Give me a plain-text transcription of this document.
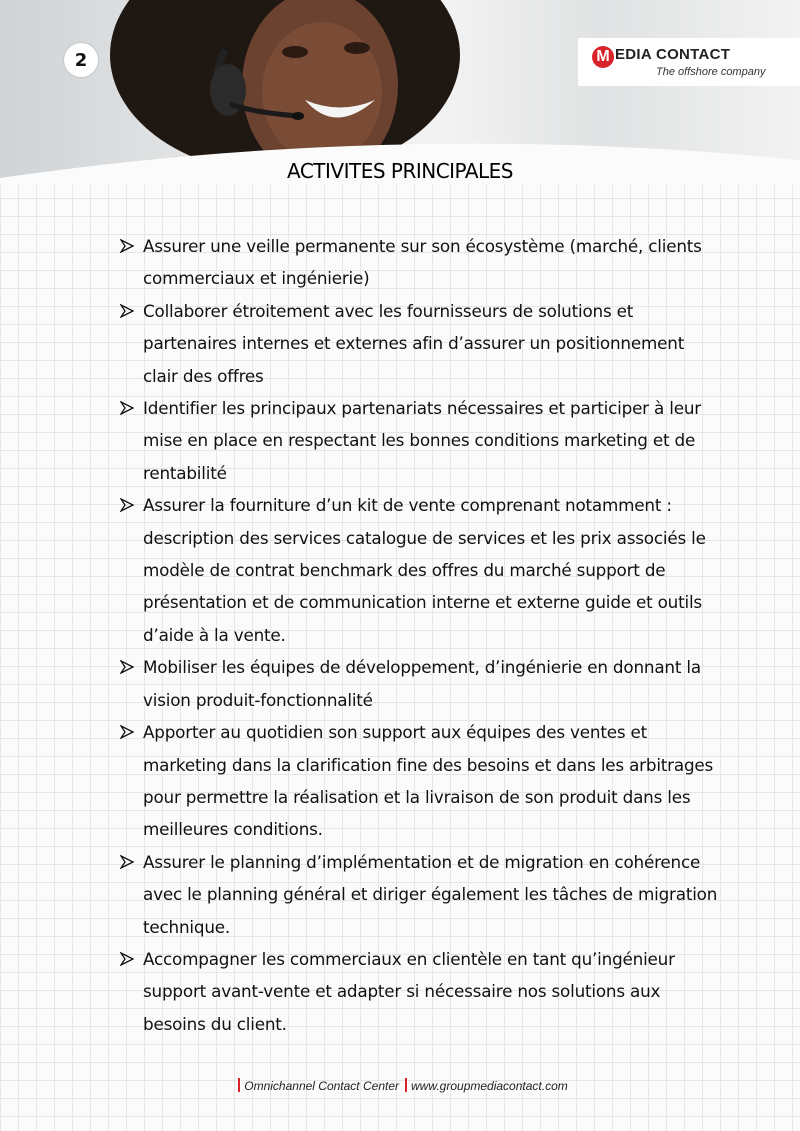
2	M EDIA CONTACT
The offshore company
ACTIVITES PRINCIPALES
Assurer une veille permanente sur son écosystème (marché, clients commerciaux et ingénierie)
Collaborer étroitement avec les fournisseurs de solutions et partenaires internes et externes afin d’assurer un positionnement clair des offres
Identifier les principaux partenariats nécessaires et participer à leur mise en place en respectant les bonnes conditions marketing et de rentabilité
Assurer la fourniture d’un kit de vente comprenant notamment : description des services catalogue de services et les prix associés le modèle de contrat benchmark des offres du marché support de présentation et de communication interne et externe guide et outils d’aide à la vente.
Mobiliser les équipes de développement, d’ingénierie en donnant la vision produit-fonctionnalité
Apporter au quotidien son support aux équipes des ventes et marketing dans la clarification fine des besoins et dans les arbitrages pour permettre la réalisation et la livraison de son produit dans les meilleures conditions.
Assurer le planning d’implémentation et de migration en cohérence avec le planning général et diriger également les tâches de migration technique.
Accompagner les commerciaux en clientèle en tant qu’ingénieur support avant-vente et adapter si nécessaire nos solutions aux besoins du client.
Omnichannel Contact Center www.groupmediacontact.com
